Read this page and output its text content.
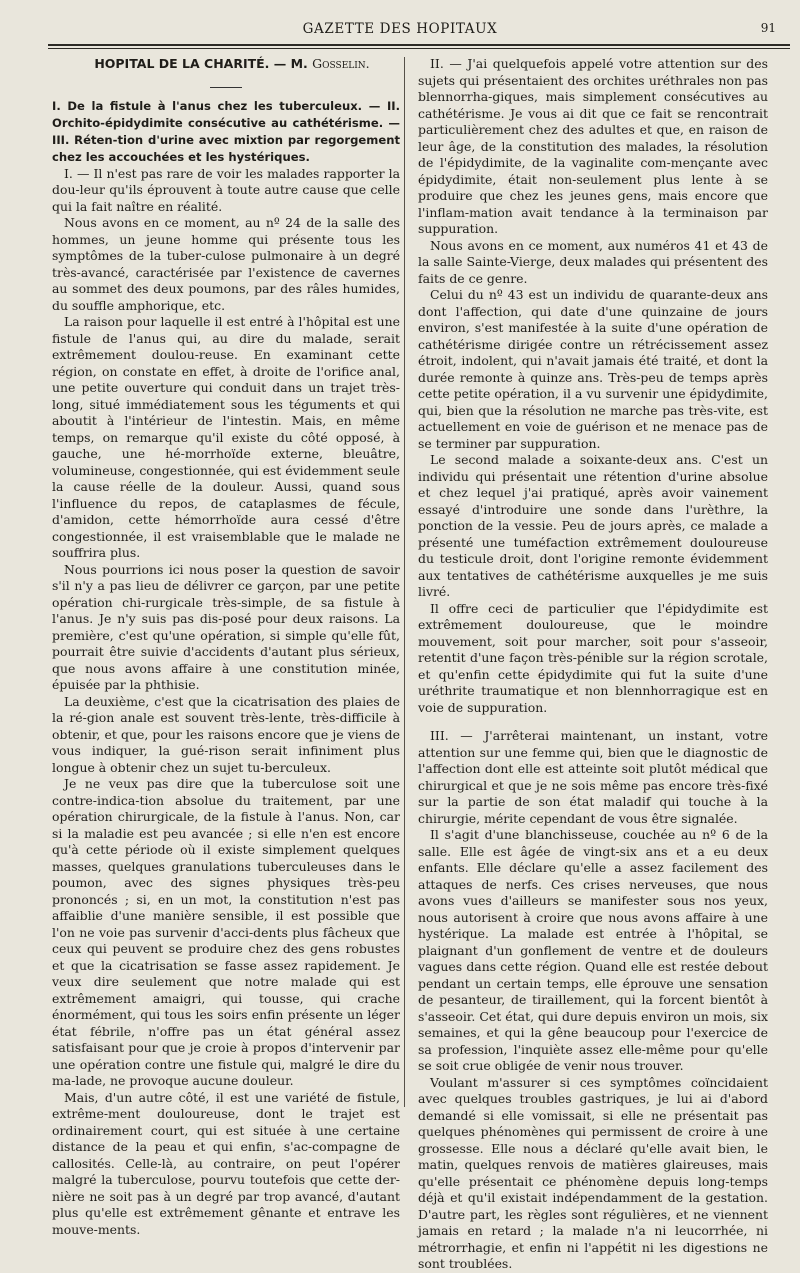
GAZETTE DES HOPITAUX	91

HOPITAL DE LA CHARITÉ. — M. Gosselin.

I. De la fistule à l'anus chez les tuberculeux. — II. Orchito-épidydimite consécutive au cathétérisme. — III. Réten-tion d'urine avec mixtion par regorgement chez les accouchées et les hystériques.

I. — Il n'est pas rare de voir les malades rapporter la dou-leur qu'ils éprouvent à toute autre cause que celle qui la fait naître en réalité.

Nous avons en ce moment, au nº 24 de la salle des hommes, un jeune homme qui présente tous les symptômes de la tuber-culose pulmonaire à un degré très-avancé, caractérisée par l'existence de cavernes au sommet des deux poumons, par des râles humides, du souffle amphorique, etc.

La raison pour laquelle il est entré à l'hôpital est une fistule de l'anus qui, au dire du malade, serait extrêmement doulou-reuse. En examinant cette région, on constate en effet, à droite de l'orifice anal, une petite ouverture qui conduit dans un trajet très-long, situé immédiatement sous les téguments et qui aboutit à l'intérieur de l'intestin. Mais, en même temps, on remarque qu'il existe du côté opposé, à gauche, une hé-morrhoïde externe, bleuâtre, volumineuse, congestionnée, qui est évidemment seule la cause réelle de la douleur. Aussi, quand sous l'influence du repos, de cataplasmes de fécule, d'amidon, cette hémorrhoïde aura cessé d'être congestionnée, il est vraisemblable que le malade ne souffrira plus.

Nous pourrions ici nous poser la question de savoir s'il n'y a pas lieu de délivrer ce garçon, par une petite opération chi-rurgicale très-simple, de sa fistule à l'anus. Je n'y suis pas dis-posé pour deux raisons. La première, c'est qu'une opération, si simple qu'elle fût, pourrait être suivie d'accidents d'autant plus sérieux, que nous avons affaire à une constitution minée, épuisée par la phthisie.

La deuxième, c'est que la cicatrisation des plaies de la ré-gion anale est souvent très-lente, très-difficile à obtenir, et que, pour les raisons encore que je viens de vous indiquer, la gué-rison serait infiniment plus longue à obtenir chez un sujet tu-berculeux.

Je ne veux pas dire que la tuberculose soit une contre-indica-tion absolue du traitement, par une opération chirurgicale, de la fistule à l'anus. Non, car si la maladie est peu avancée ; si elle n'en est encore qu'à cette période où il existe simplement quelques masses, quelques granulations tuberculeuses dans le poumon, avec des signes physiques très-peu prononcés ; si, en un mot, la constitution n'est pas affaiblie d'une manière sensible, il est possible que l'on ne voie pas survenir d'acci-dents plus fâcheux que ceux qui peuvent se produire chez des gens robustes et que la cicatrisation se fasse assez rapidement. Je veux dire seulement que notre malade qui est extrêmement amaigri, qui tousse, qui crache énormément, qui tous les soirs enfin présente un léger état fébrile, n'offre pas un état général assez satisfaisant pour que je croie à propos d'intervenir par une opération contre une fistule qui, malgré le dire du ma-lade, ne provoque aucune douleur.

Mais, d'un autre côté, il est une variété de fistule, extrême-ment douloureuse, dont le trajet est ordinairement court, qui est située à une certaine distance de la peau et qui enfin, s'ac-compagne de callosités. Celle-là, au contraire, on peut l'opérer malgré la tuberculose, pourvu toutefois que cette der-nière ne soit pas à un degré par trop avancé, d'autant plus qu'elle est extrêmement gênante et entrave les mouve-ments.

II. — J'ai quelquefois appelé votre attention sur des sujets qui présentaient des orchites uréthrales non pas blennorrha-giques, mais simplement consécutives au cathétérisme. Je vous ai dit que ce fait se rencontrait particulièrement chez des adultes et que, en raison de leur âge, de la constitution des malades, la résolution de l'épidydimite, de la vaginalite com-mençante avec épidydimite, était non-seulement plus lente à se produire que chez les jeunes gens, mais encore que l'inflam-mation avait tendance à la terminaison par suppuration.

Nous avons en ce moment, aux numéros 41 et 43 de la salle Sainte-Vierge, deux malades qui présentent des faits de ce genre.

Celui du nº 43 est un individu de quarante-deux ans dont l'affection, qui date d'une quinzaine de jours environ, s'est manifestée à la suite d'une opération de cathétérisme dirigée contre un rétrécissement assez étroit, indolent, qui n'avait jamais été traité, et dont la durée remonte à quinze ans. Très-peu de temps après cette petite opération, il a vu survenir une épidydimite, qui, bien que la résolution ne marche pas très-vite, est actuellement en voie de guérison et ne menace pas de se terminer par suppuration.

Le second malade a soixante-deux ans. C'est un individu qui présentait une rétention d'urine absolue et chez lequel j'ai pratiqué, après avoir vainement essayé d'introduire une sonde dans l'urèthre, la ponction de la vessie. Peu de jours après, ce malade a présenté une tuméfaction extrêmement douloureuse du testicule droit, dont l'origine remonte évidemment aux tentatives de cathétérisme auxquelles je me suis livré.

Il offre ceci de particulier que l'épidydimite est extrêmement douloureuse, que le moindre mouvement, soit pour marcher, soit pour s'asseoir, retentit d'une façon très-pénible sur la région scrotale, et qu'enfin cette épidydimite qui fut la suite d'une uréthrite traumatique et non blennhorragique est en voie de suppuration.

III. — J'arrêterai maintenant, un instant, votre attention sur une femme qui, bien que le diagnostic de l'affection dont elle est atteinte soit plutôt médical que chirurgical et que je ne sois même pas encore très-fixé sur la partie de son état maladif qui touche à la chirurgie, mérite cependant de vous être signalée.

Il s'agit d'une blanchisseuse, couchée au nº 6 de la salle. Elle est âgée de vingt-six ans et a eu deux enfants. Elle déclare qu'elle a assez facilement des attaques de nerfs. Ces crises nerveuses, que nous avons vues d'ailleurs se manifester sous nos yeux, nous autorisent à croire que nous avons affaire à une hystérique. La malade est entrée à l'hôpital, se plaignant d'un gonflement de ventre et de douleurs vagues dans cette région. Quand elle est restée debout pendant un certain temps, elle éprouve une sensation de pesanteur, de tiraillement, qui la forcent bientôt à s'asseoir. Cet état, qui dure depuis environ un mois, six semaines, et qui la gêne beaucoup pour l'exercice de sa profession, l'inquiète assez elle-même pour qu'elle se soit crue obligée de venir nous trouver.

Voulant m'assurer si ces symptômes coïncidaient avec quelques troubles gastriques, je lui ai d'abord demandé si elle vomissait, si elle ne présentait pas quelques phénomènes qui permissent de croire à une grossesse. Elle nous a déclaré qu'elle avait bien, le matin, quelques renvois de matières glaireuses, mais qu'elle présentait ce phénomène depuis long-temps déjà et qu'il existait indépendamment de la gestation. D'autre part, les règles sont régulières, et ne viennent jamais en retard ; la malade n'a ni leucorrhée, ni métrorrhagie, et enfin ni l'appétit ni les digestions ne sont troublées.
